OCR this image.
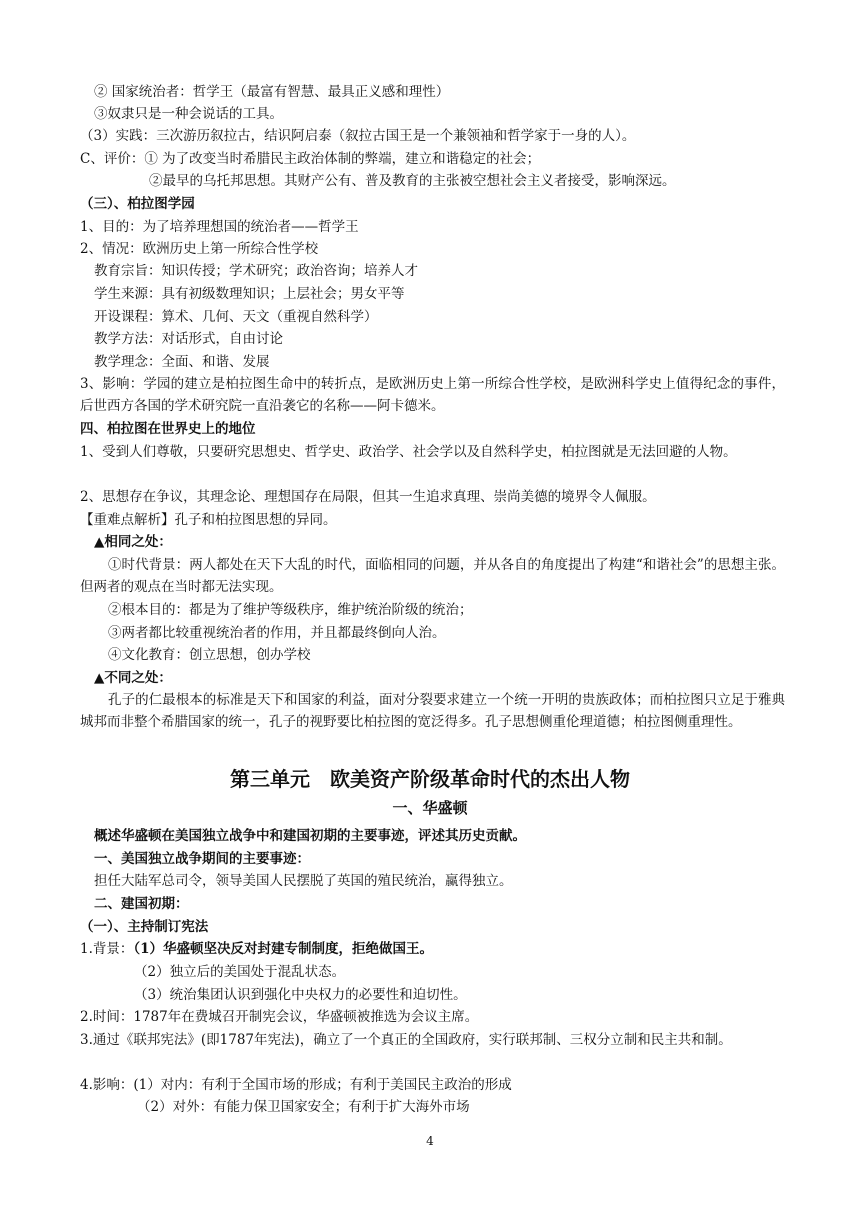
② 国家统治者：哲学王（最富有智慧、最具正义感和理性）
③奴隶只是一种会说话的工具。
（3）实践：三次游历叙拉古，结识阿启泰（叙拉古国王是一个兼领袖和哲学家于一身的人）。
C、评价：① 为了改变当时希腊民主政治体制的弊端，建立和谐稳定的社会；
②最早的乌托邦思想。其财产公有、普及教育的主张被空想社会主义者接受，影响深远。
（三）、柏拉图学园
1、目的：为了培养理想国的统治者——哲学王
2、情况：欧洲历史上第一所综合性学校
教育宗旨：知识传授；学术研究；政治咨询；培养人才
学生来源：具有初级数理知识；上层社会；男女平等
开设课程：算术、几何、天文（重视自然科学）
教学方法：对话形式，自由讨论
教学理念：全面、和谐、发展
3、影响：学园的建立是柏拉图生命中的转折点，是欧洲历史上第一所综合性学校，是欧洲科学史上值得纪念的事件，后世西方各国的学术研究院一直沿袭它的名称——阿卡德米。
四、柏拉图在世界史上的地位
1、受到人们尊敬，只要研究思想史、哲学史、政治学、社会学以及自然科学史，柏拉图就是无法回避的人物。
2、思想存在争议，其理念论、理想国存在局限，但其一生追求真理、崇尚美德的境界令人佩服。
【重难点解析】孔子和柏拉图思想的异同。
▲相同之处：
①时代背景：两人都处在天下大乱的时代，面临相同的问题，并从各自的角度提出了构建“和谐社会”的思想主张。但两者的观点在当时都无法实现。
②根本目的：都是为了维护等级秩序，维护统治阶级的统治；
③两者都比较重视统治者的作用，并且都最终倒向人治。
④文化教育：创立思想，创办学校
▲不同之处：
孔子的仁最根本的标准是天下和国家的利益，面对分裂要求建立一个统一开明的贵族政体；而柏拉图只立足于雅典城邦而非整个希腊国家的统一，孔子的视野要比柏拉图的宽泛得多。孔子思想侧重伦理道德；柏拉图侧重理性。
第三单元　欧美资产阶级革命时代的杰出人物
一、华盛顿
概述华盛顿在美国独立战争中和建国初期的主要事迹，评述其历史贡献。
一、美国独立战争期间的主要事迹：
担任大陆军总司令，领导美国人民摆脱了英国的殖民统治，赢得独立。
二、建国初期：
（一）、主持制订宪法
1.背景：（1）华盛顿坚决反对封建专制制度，拒绝做国王。
（2）独立后的美国处于混乱状态。
（3）统治集团认识到强化中央权力的必要性和迫切性。
2.时间：1787年在费城召开制宪会议，华盛顿被推选为会议主席。
3.通过《联邦宪法》(即1787年宪法)，确立了一个真正的全国政府，实行联邦制、三权分立制和民主共和制。
4.影响：(1）对内：有利于全国市场的形成；有利于美国民主政治的形成
（2）对外：有能力保卫国家安全；有利于扩大海外市场
4
